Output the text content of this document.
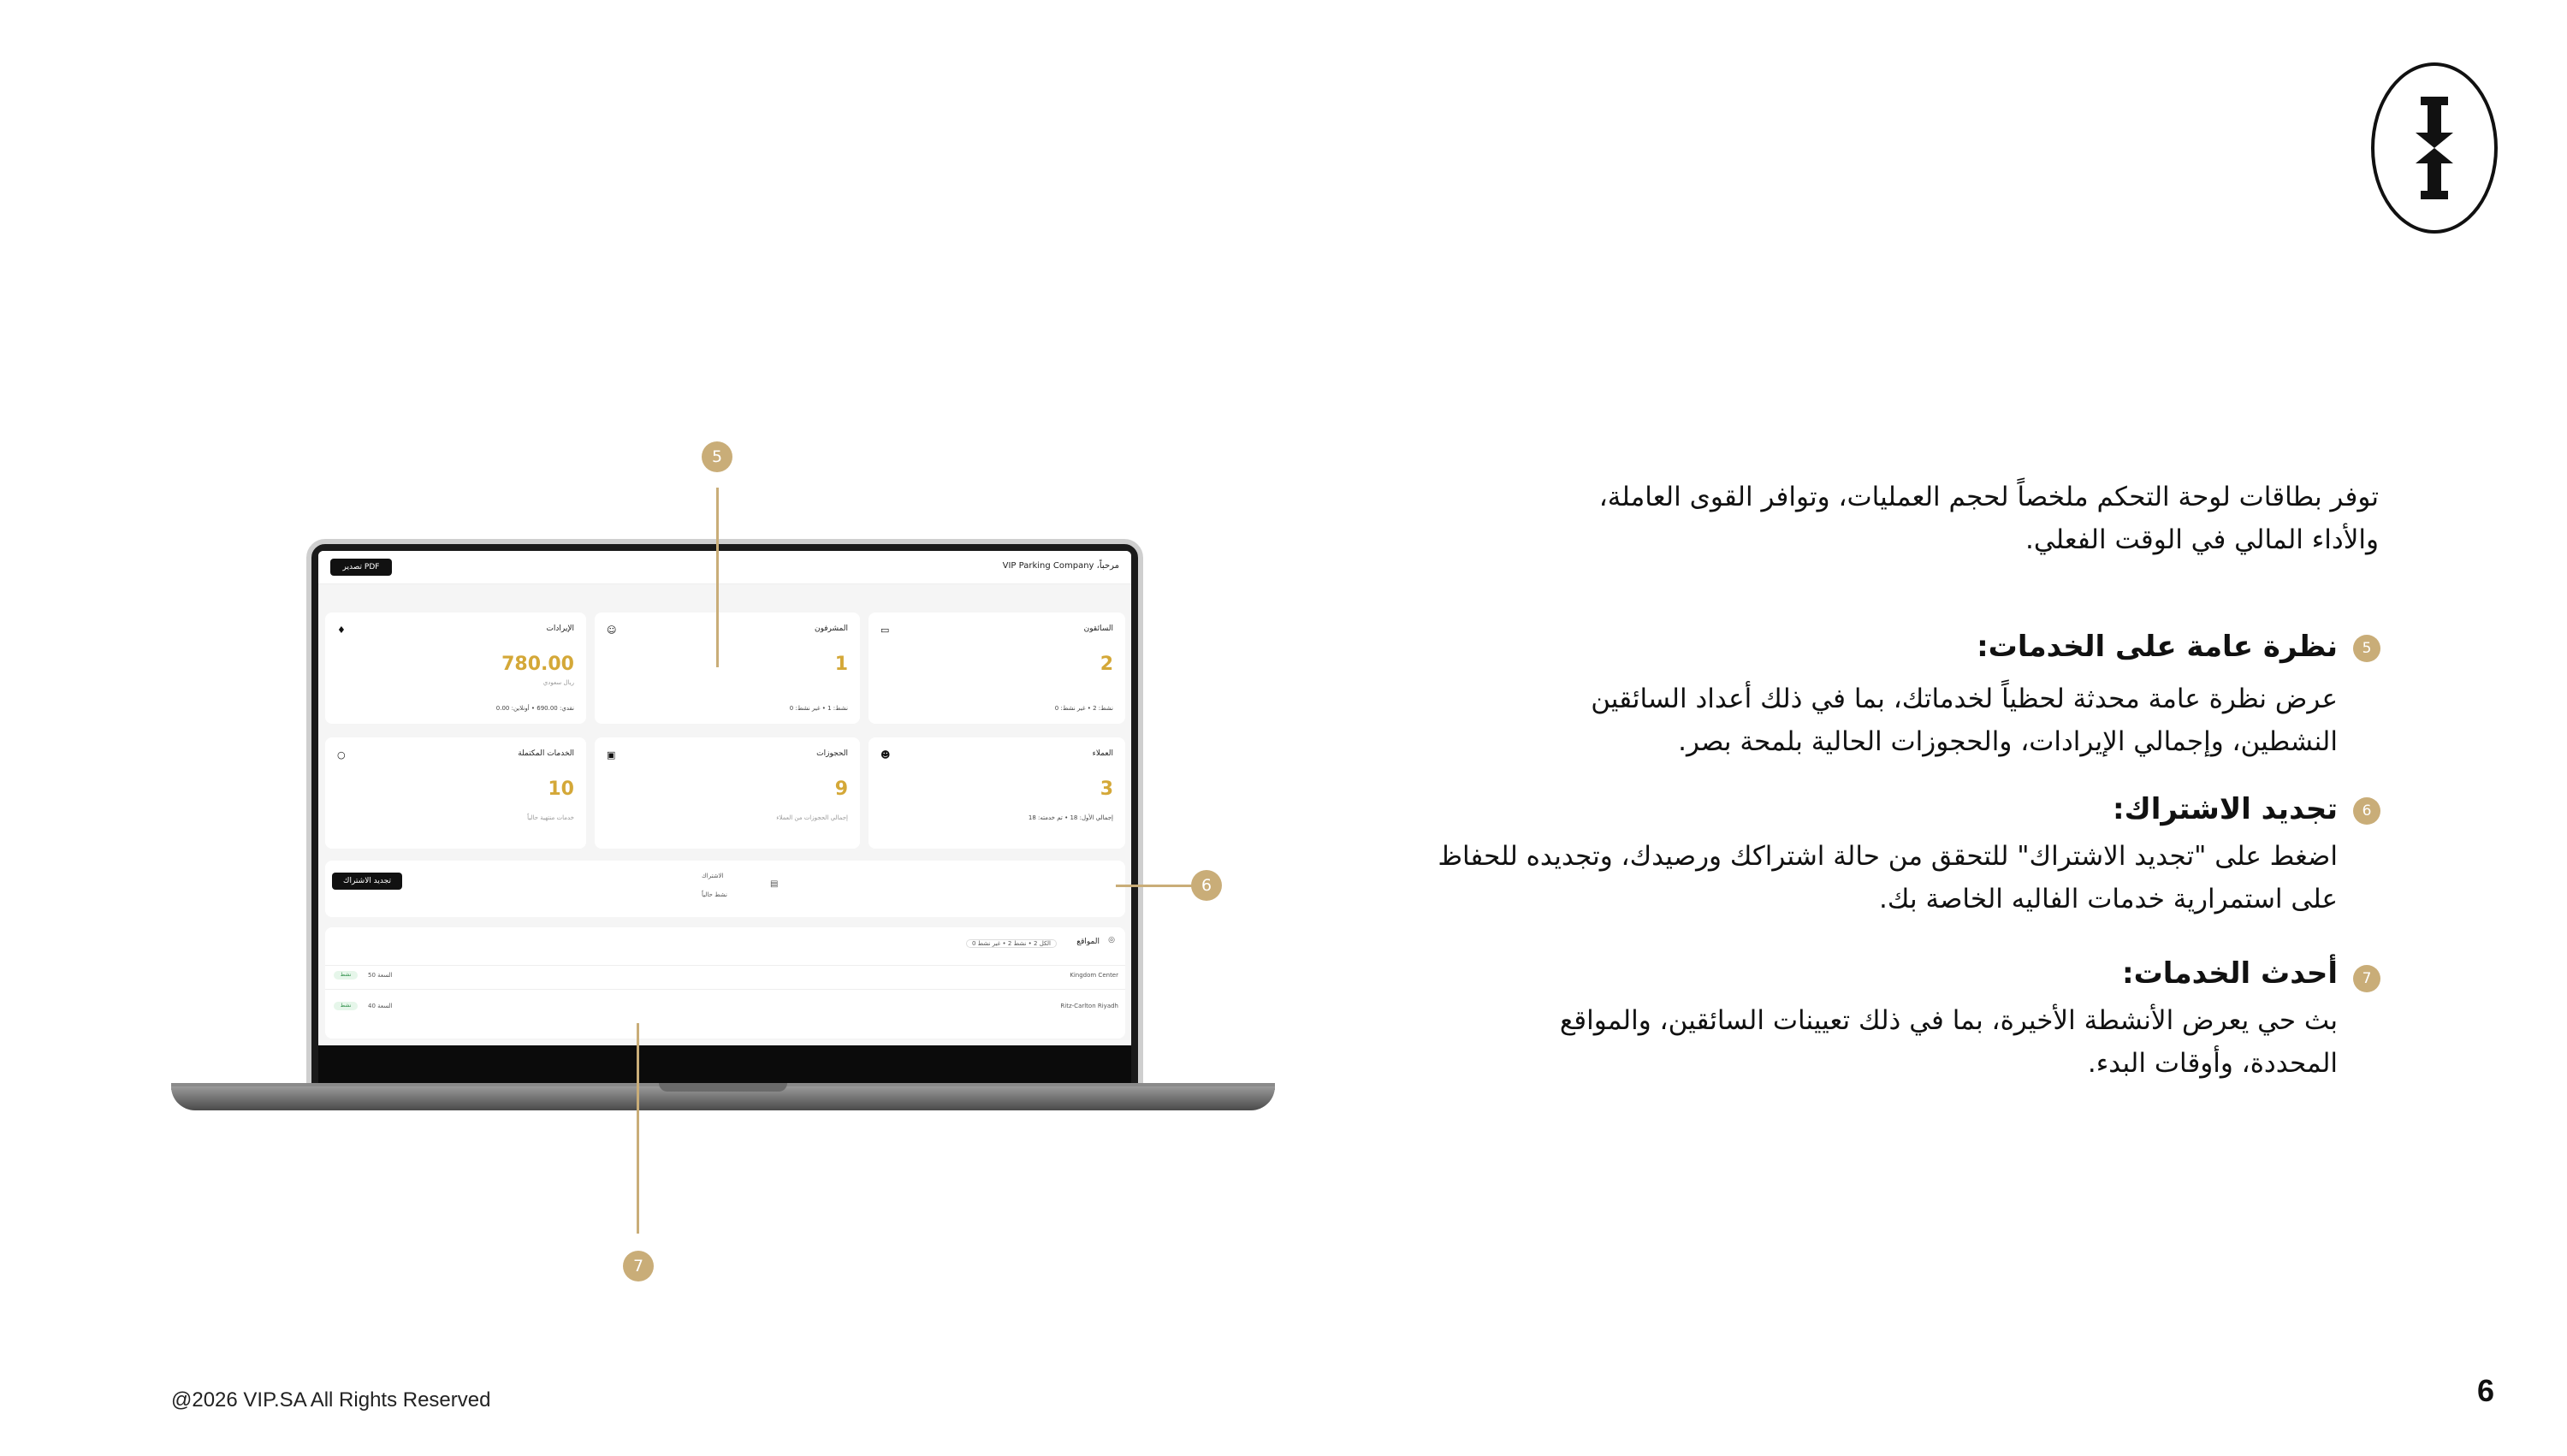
توفر بطاقات لوحة التحكم ملخصاً لحجم العمليات، وتوافر القوى العاملة،
والأداء المالي في الوقت الفعلي.
5
نظرة عامة على الخدمات:
عرض نظرة عامة محدثة لحظياً لخدماتك، بما في ذلك أعداد السائقين
النشطين، وإجمالي الإيرادات، والحجوزات الحالية بلمحة بصر.
6
تجديد الاشتراك:
اضغط على "تجديد الاشتراك" للتحقق من حالة اشتراكك ورصيدك، وتجديده للحفاظ
على استمرارية خدمات الفاليه الخاصة بك.
7
أحدث الخدمات:
بث حي يعرض الأنشطة الأخيرة، بما في ذلك تعيينات السائقين، والمواقع
المحددة، وأوقات البدء.
مرحباً، VIP Parking Company
تصدير PDF
الإيرادات
♦
780.00
ريال سعودي
نقدي: 690.00 • أونلاين: 0.00
المشرفون
☺
1
نشط: 1 • غير نشط: 0
السائقون
▭
2
نشط: 2 • غير نشط: 0
الخدمات المكتملة
○
10
خدمات منتهية حالياً
الحجوزات
▣
9
إجمالي الحجوزات من العملاء
العملاء
☻
3
إجمالي الأول: 18 • تم خدمته: 18
الاشتراك
نشط حالياً
▤
تجديد الاشتراك
المواقع ◎
الكل 2 • نشط 2 • غير نشط 0
Kingdom Center
السعة 50
نشط
Ritz-Carlton Riyadh
السعة 40
نشط
5
6
7
@2026 VIP.SA All Rights Reserved	6
